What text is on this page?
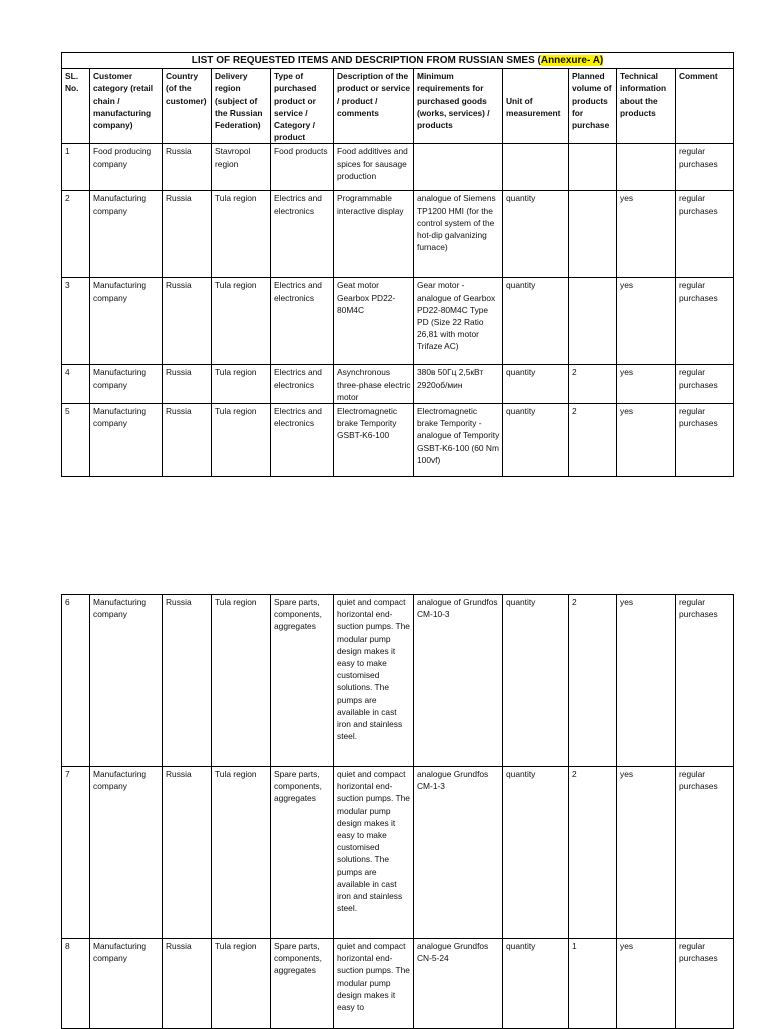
LIST OF REQUESTED ITEMS AND DESCRIPTION FROM RUSSIAN SMES (Annexure- A)										
SL. No.	Customer category (retail chain / manufacturing company)	Country (of the customer)	Delivery region (subject of the Russian Federation)	Type of purchased product or service / Category / product	Description of the product or service / product / comments	Minimum requirements for purchased goods (works, services) / products	Unit of measurement	Planned volume of products for purchase	Technical information about the products	Comment
1	Food producing company	Russia	Stavropol region	Food products	Food additives and spices for sausage production					regular purchases
2	Manufacturing company	Russia	Tula region	Electrics and electronics	Programmable interactive display	analogue of Siemens TP1200 HMI (for the control system of the hot-dip galvanizing furnace)	quantity		yes	regular purchases
3	Manufacturing company	Russia	Tula region	Electrics and electronics	Geat motor Gearbox PD22-80M4C	Gear motor - analogue of Gearbox PD22-80M4C Type PD (Size 22 Ratio 26,81 with motor Trifaze AC)	quantity		yes	regular purchases
4	Manufacturing company	Russia	Tula region	Electrics and electronics	Asynchronous three-phase electric motor	380в 50Гц 2,5кВт 2920об/мин	quantity	2	yes	regular purchases
5	Manufacturing company	Russia	Tula region	Electrics and electronics	Electromagnetic brake Tempority GSBT-K6-100	Electromagnetic brake Tempority - analogue of Tempority GSBT-K6-100 (60 Nm 100vf)	quantity	2	yes	regular purchases
6	Manufacturing company	Russia	Tula region	Spare parts, components, aggregates	quiet and compact horizontal end-suction pumps. The modular pump design makes it easy to make customised solutions. The pumps are available in cast iron and stainless steel.	analogue of Grundfos CM-10-3	quantity	2	yes	regular purchases
7	Manufacturing company	Russia	Tula region	Spare parts, components, aggregates	quiet and compact horizontal end-suction pumps. The modular pump design makes it easy to make customised solutions. The pumps are available in cast iron and stainless steel.	analogue Grundfos CM-1-3	quantity	2	yes	regular purchases
8	Manufacturing company	Russia	Tula region	Spare parts, components, aggregates	quiet and compact horizontal end-suction pumps. The modular pump design makes it easy to	analogue Grundfos CN-5-24	quantity	1	yes	regular purchases
